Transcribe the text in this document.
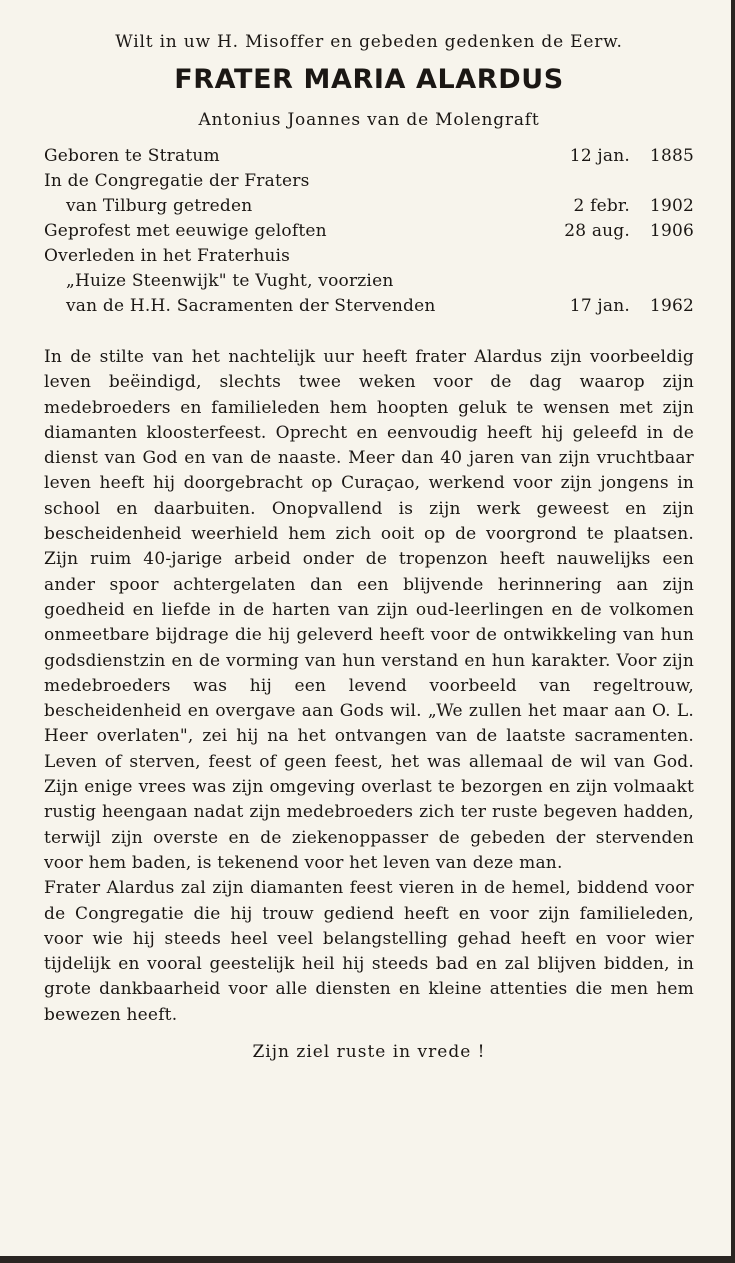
Wilt in uw H. Misoffer en gebeden gedenken de Eerw.

FRATER MARIA ALARDUS

Antonius Joannes van de Molengraft

Geboren te Stratum	12 jan.	1885
In de Congregatie der Fraters
van Tilburg getreden	2 febr.	1902
Geprofest met eeuwige geloften	28 aug.	1906
Overleden in het Fraterhuis
„Huize Steenwijk" te Vught, voorzien
van de H.H. Sacramenten der Stervenden	17 jan.	1962

In de stilte van het nachtelijk uur heeft frater Alardus zijn voorbeeldig leven beëindigd, slechts twee weken voor de dag waarop zijn medebroeders en familieleden hem hoopten geluk te wensen met zijn diamanten kloosterfeest. Oprecht en eenvoudig heeft hij geleefd in de dienst van God en van de naaste. Meer dan 40 jaren van zijn vruchtbaar leven heeft hij doorgebracht op Curaçao, werkend voor zijn jongens in school en daarbuiten. Onopvallend is zijn werk geweest en zijn bescheidenheid weerhield hem zich ooit op de voorgrond te plaatsen. Zijn ruim 40-jarige arbeid onder de tropenzon heeft nauwelijks een ander spoor achtergelaten dan een blijvende herinnering aan zijn goedheid en liefde in de harten van zijn oud-leerlingen en de volkomen onmeetbare bijdrage die hij geleverd heeft voor de ontwikkeling van hun godsdienstzin en de vorming van hun verstand en hun karakter. Voor zijn medebroeders was hij een levend voorbeeld van regeltrouw, bescheidenheid en overgave aan Gods wil. „We zullen het maar aan O. L. Heer overlaten", zei hij na het ontvangen van de laatste sacramenten. Leven of sterven, feest of geen feest, het was allemaal de wil van God. Zijn enige vrees was zijn omgeving overlast te bezorgen en zijn volmaakt rustig heengaan nadat zijn medebroeders zich ter ruste begeven hadden, terwijl zijn overste en de ziekenoppasser de gebeden der stervenden voor hem baden, is tekenend voor het leven van deze man.

Frater Alardus zal zijn diamanten feest vieren in de hemel, biddend voor de Congregatie die hij trouw gediend heeft en voor zijn familieleden, voor wie hij steeds heel veel belangstelling gehad heeft en voor wier tijdelijk en vooral geestelijk heil hij steeds bad en zal blijven bidden, in grote dankbaarheid voor alle diensten en kleine attenties die men hem bewezen heeft.

Zijn ziel ruste in vrede !
